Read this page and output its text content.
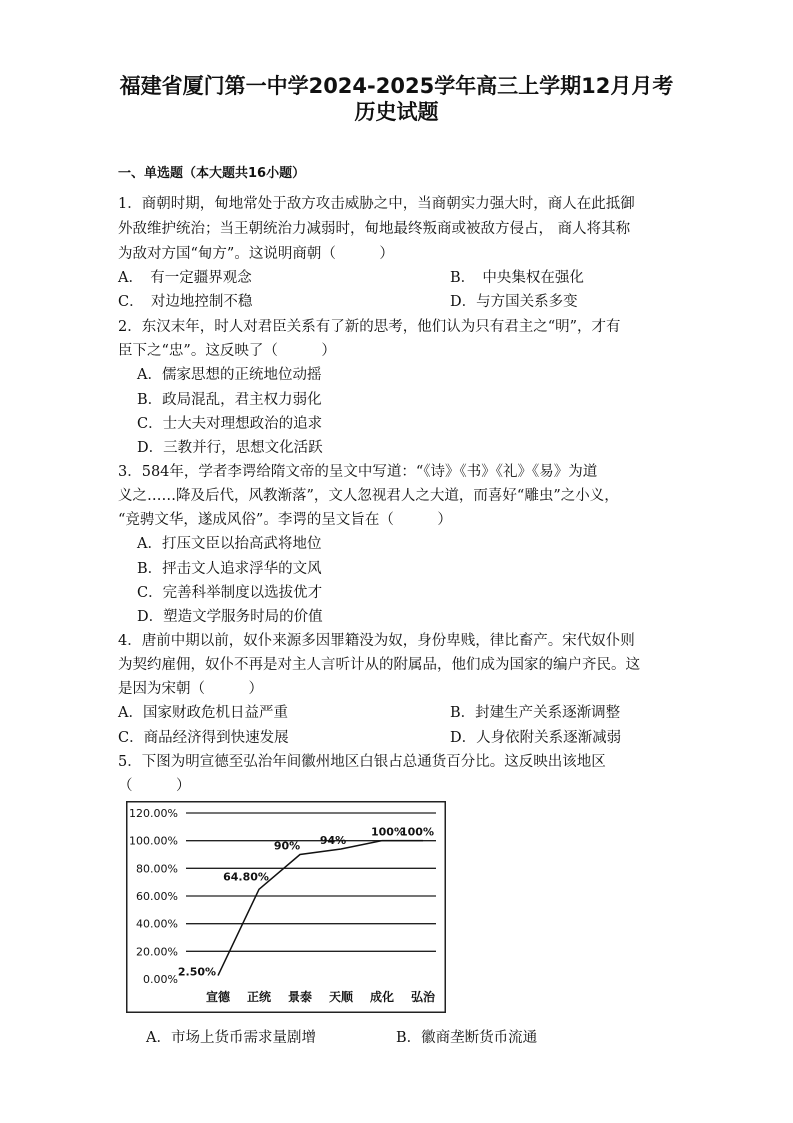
福建省厦门第一中学2024-2025学年高三上学期12月月考
历史试题
一、单选题（本大题共16小题）
1．商朝时期，甸地常处于敌方攻击威胁之中，当商朝实力强大时，商人在此抵御
外敌维护统治；当王朝统治力减弱时，甸地最终叛商或被敌方侵占， 商人将其称
为敌对方国“甸方”。这说明商朝（　　　）
A．　有一定疆界观念	B．　中央集权在强化
C．　对边地控制不稳	D．与方国关系多变
2．东汉末年，时人对君臣关系有了新的思考，他们认为只有君主之“明”，才有
臣下之“忠”。这反映了（　　　）
A．儒家思想的正统地位动摇
B．政局混乱，君主权力弱化
C．士大夫对理想政治的追求
D．三教并行，思想文化活跃
3．584年，学者李谔给隋文帝的呈文中写道：“《诗》《书》《礼》《易》为道
义之……降及后代，风教渐落”，文人忽视君人之大道，而喜好“雕虫”之小义，
“竞骋文华，遂成风俗”。李谔的呈文旨在（　　　）
A．打压文臣以抬高武将地位
B．抨击文人追求浮华的文风
C．完善科举制度以选拔优才
D．塑造文学服务时局的价值
4．唐前中期以前，奴仆来源多因罪籍没为奴，身份卑贱，律比畜产。宋代奴仆则
为契约雇佣，奴仆不再是对主人言听计从的附属品，他们成为国家的编户齐民。这
是因为宋朝（　　　）
A．国家财政危机日益严重	B．封建生产关系逐渐调整
C．商品经济得到快速发展	D．人身依附关系逐渐减弱
5．下图为明宣德至弘治年间徽州地区白银占总通货百分比。这反映出该地区
（　　　）
0.00%
20.00%
40.00%
60.00%
80.00%
100.00%
120.00%
宣德 正统 景泰 天顺 成化 弘治
2.50%
64.80%
90% 94%
100%
100%
A．市场上货币需求量剧增	B．徽商垄断货币流通
